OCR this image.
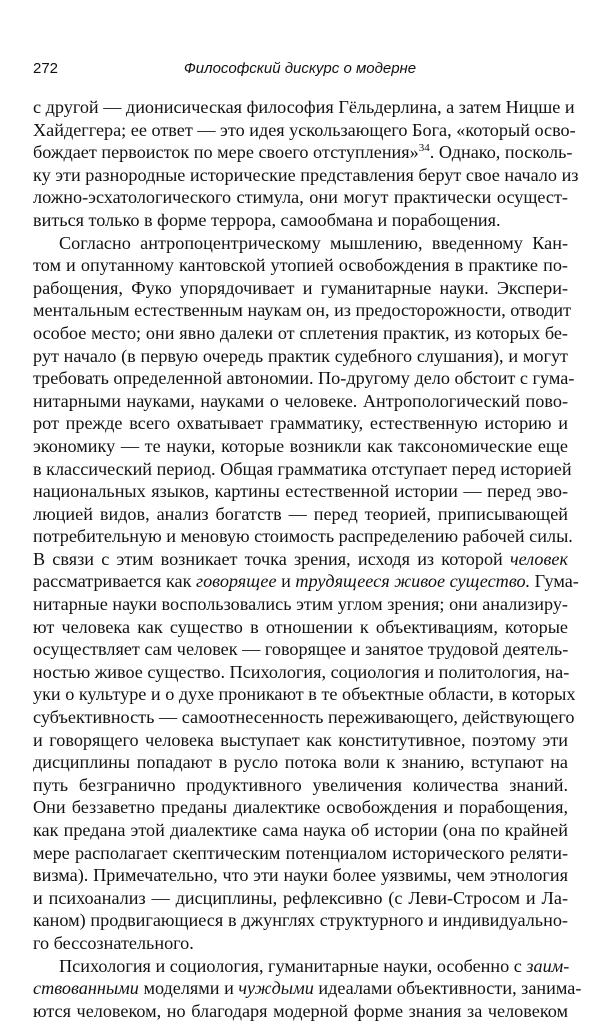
272	Философский дискурс о модерне

с другой — дионисическая философия Гёльдерлина, а затем Ницше и
Хайдеггера; ее ответ — это идея ускользающего Бога, «который осво-
бождает первоисток по мере своего отступления»$^{34}$. Однако, посколь-
ку эти разнородные исторические представления берут свое начало из
ложно-эсхатологического стимула, они могут практически осущест-
виться только в форме террора, самообмана и порабощения.

Согласно антропоцентрическому мышлению, введенному Кан-
том и опутанному кантовской утопией освобождения в практике по-
рабощения, Фуко упорядочивает и гуманитарные науки. Экспери-
ментальным естественным наукам он, из предосторожности, отводит
особое место; они явно далеки от сплетения практик, из которых бе-
рут начало (в первую очередь практик судебного слушания), и могут
требовать определенной автономии. По-другому дело обстоит с гума-
нитарными науками, науками о человеке. Антропологический пово-
рот прежде всего охватывает грамматику, естественную историю и
экономику — те науки, которые возникли как таксономические еще
в классический период. Общая грамматика отступает перед историей
национальных языков, картины естественной истории — перед эво-
люцией видов, анализ богатств — перед теорией, приписывающей
потребительную и меновую стоимость распределению рабочей силы.
В связи с этим возникает точка зрения, исходя из которой человек
рассматривается как говорящее и трудящееся живое существо. Гума-
нитарные науки воспользовались этим углом зрения; они анализиру-
ют человека как существо в отношении к объективациям, которые
осуществляет сам человек — говорящее и занятое трудовой деятель-
ностью живое существо. Психология, социология и политология, на-
уки о культуре и о духе проникают в те объектные области, в которых
субъективность — самоотнесенность переживающего, действующего
и говорящего человека выступает как конститутивное, поэтому эти
дисциплины попадают в русло потока воли к знанию, вступают на
путь безгранично продуктивного увеличения количества знаний.
Они беззаветно преданы диалектике освобождения и порабощения,
как предана этой диалектике сама наука об истории (она по крайней
мере располагает скептическим потенциалом исторического реляти-
визма). Примечательно, что эти науки более уязвимы, чем этнология
и психоанализ — дисциплины, рефлексивно (с Леви-Стросом и Ла-
каном) продвигающиеся в джунглях структурного и индивидуально-
го бессознательного.

Психология и социология, гуманитарные науки, особенно с заим-
ствованными моделями и чуждыми идеалами объективности, занима-
ются человеком, но благодаря модерной форме знания за человеком
